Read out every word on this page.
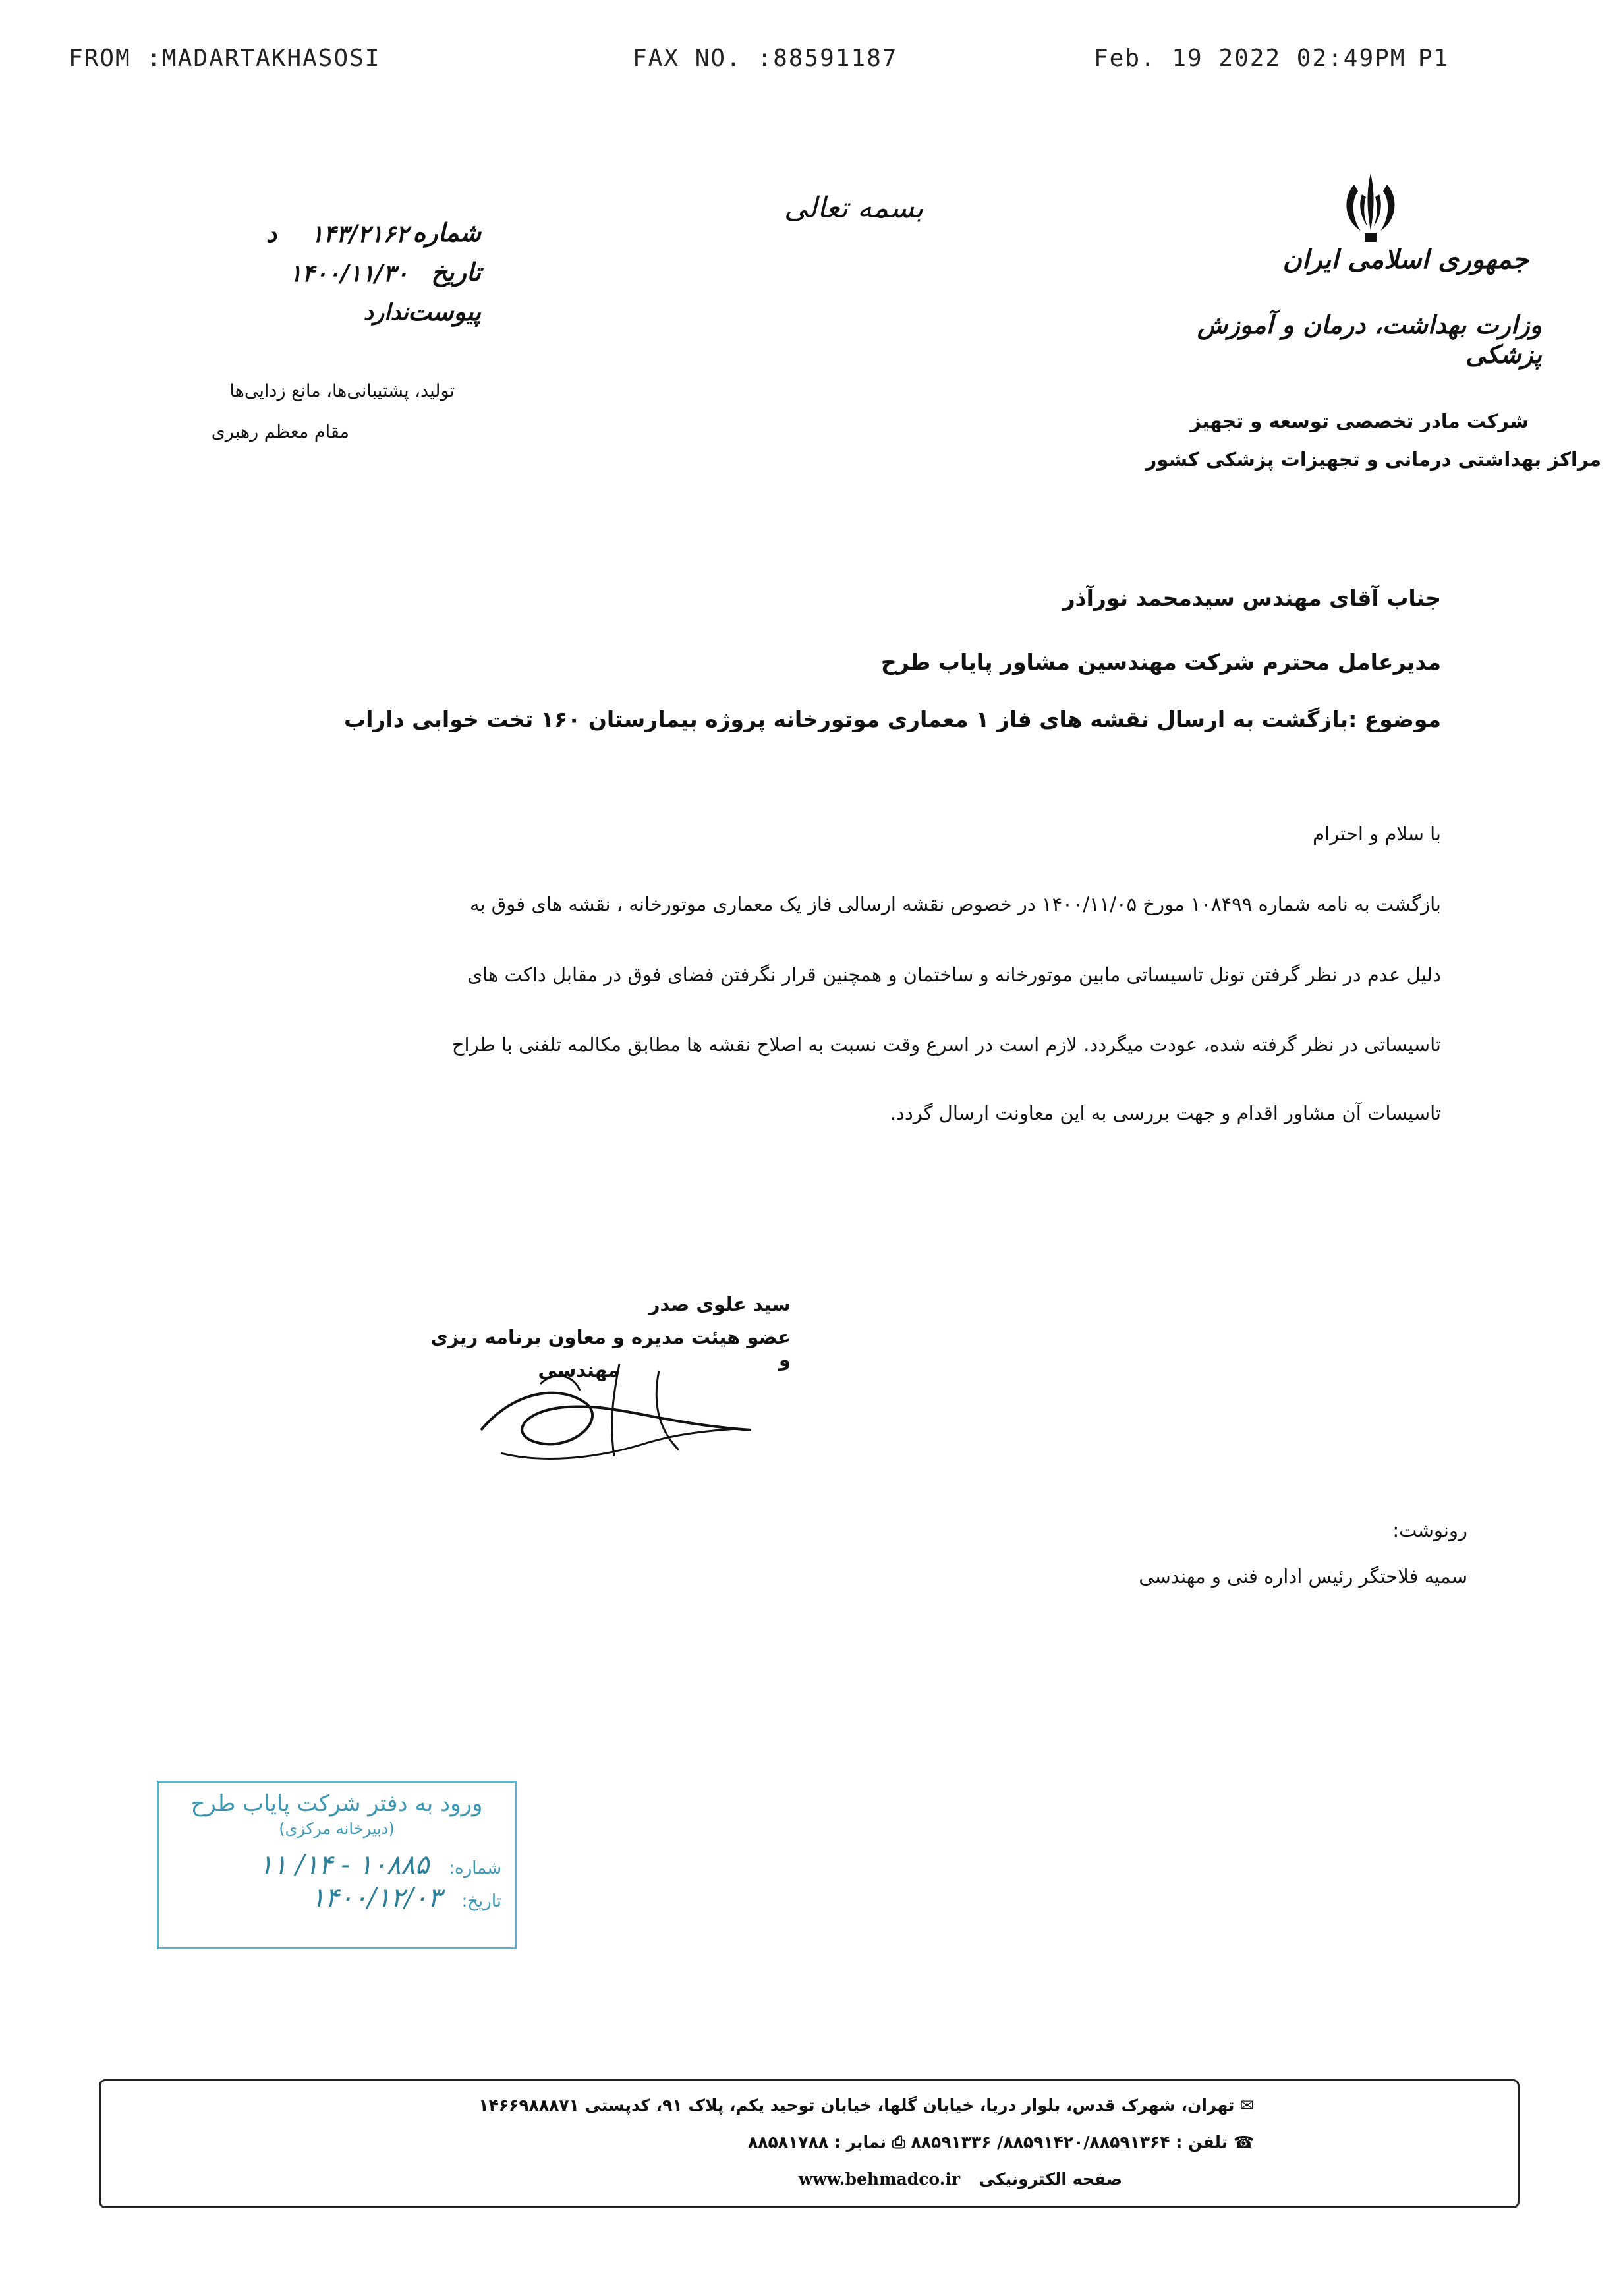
FROM :MADARTAKHASOSI	FAX NO. :88591187	Feb. 19 2022 02:49PM P1
بسمه تعالی
شماره
۱۴۳/۲۱۶۲
د
تاریخ
۱۴۰۰/۱۱/۳۰
پیوست
ندارد
تولید، پشتیبانی‌ها، مانع زدایی‌ها
مقام معظم رهبری
جمهوری اسلامی ایران
وزارت بهداشت، درمان و آموزش پزشکی
شرکت مادر تخصصی توسعه و تجهیز
مراکز بهداشتی درمانی و تجهیزات پزشکی کشور
جناب آقای مهندس سیدمحمد نورآذر
مدیرعامل محترم شرکت مهندسین مشاور پایاب طرح
موضوع :بازگشت به ارسال نقشه های فاز ۱ معماری موتورخانه پروژه بیمارستان ۱۶۰ تخت خوابی داراب
با سلام و احترام
بازگشت به نامه شماره ۱۰۸۴۹۹ مورخ ۱۴۰۰/۱۱/۰۵ در خصوص نقشه ارسالی فاز یک معماری موتورخانه ، نقشه های فوق به
دلیل عدم در نظر گرفتن تونل تاسیساتی مابین موتورخانه و ساختمان و همچنین قرار نگرفتن فضای فوق در مقابل داکت های
تاسیساتی در نظر گرفته شده، عودت میگردد. لازم است در اسرع وقت نسبت به اصلاح نقشه ها مطابق مکالمه تلفنی با طراح
تاسیسات آن مشاور اقدام و جهت بررسی به این معاونت ارسال گردد.
سید علوی صدر
عضو هیئت مدیره و معاون برنامه ریزی و
مهندسی
رونوشت:
سمیه فلاحتگر رئیس اداره فنی و مهندسی
ورود به دفتر شرکت پایاب طرح
(دبیرخانه مرکزی)
شماره:
۱۰۸۸۵ - ۱۴/ ۱۱
تاریخ:
۱۴۰۰/۱۲/۰۳
✉ تهران، شهرک قدس، بلوار دریا، خیابان گلها، خیابان توحید یکم، پلاک ۹۱، کدپستی ۱۴۶۶۹۸۸۸۷۱
☎ تلفن : ۸۸۵۹۱۴۲۰/۸۸۵۹۱۳۶۴/ ۸۸۵۹۱۳۳۶ ⎙ نمابر : ۸۸۵۸۱۷۸۸
صفحه الکترونیکی www.behmadco.ir
